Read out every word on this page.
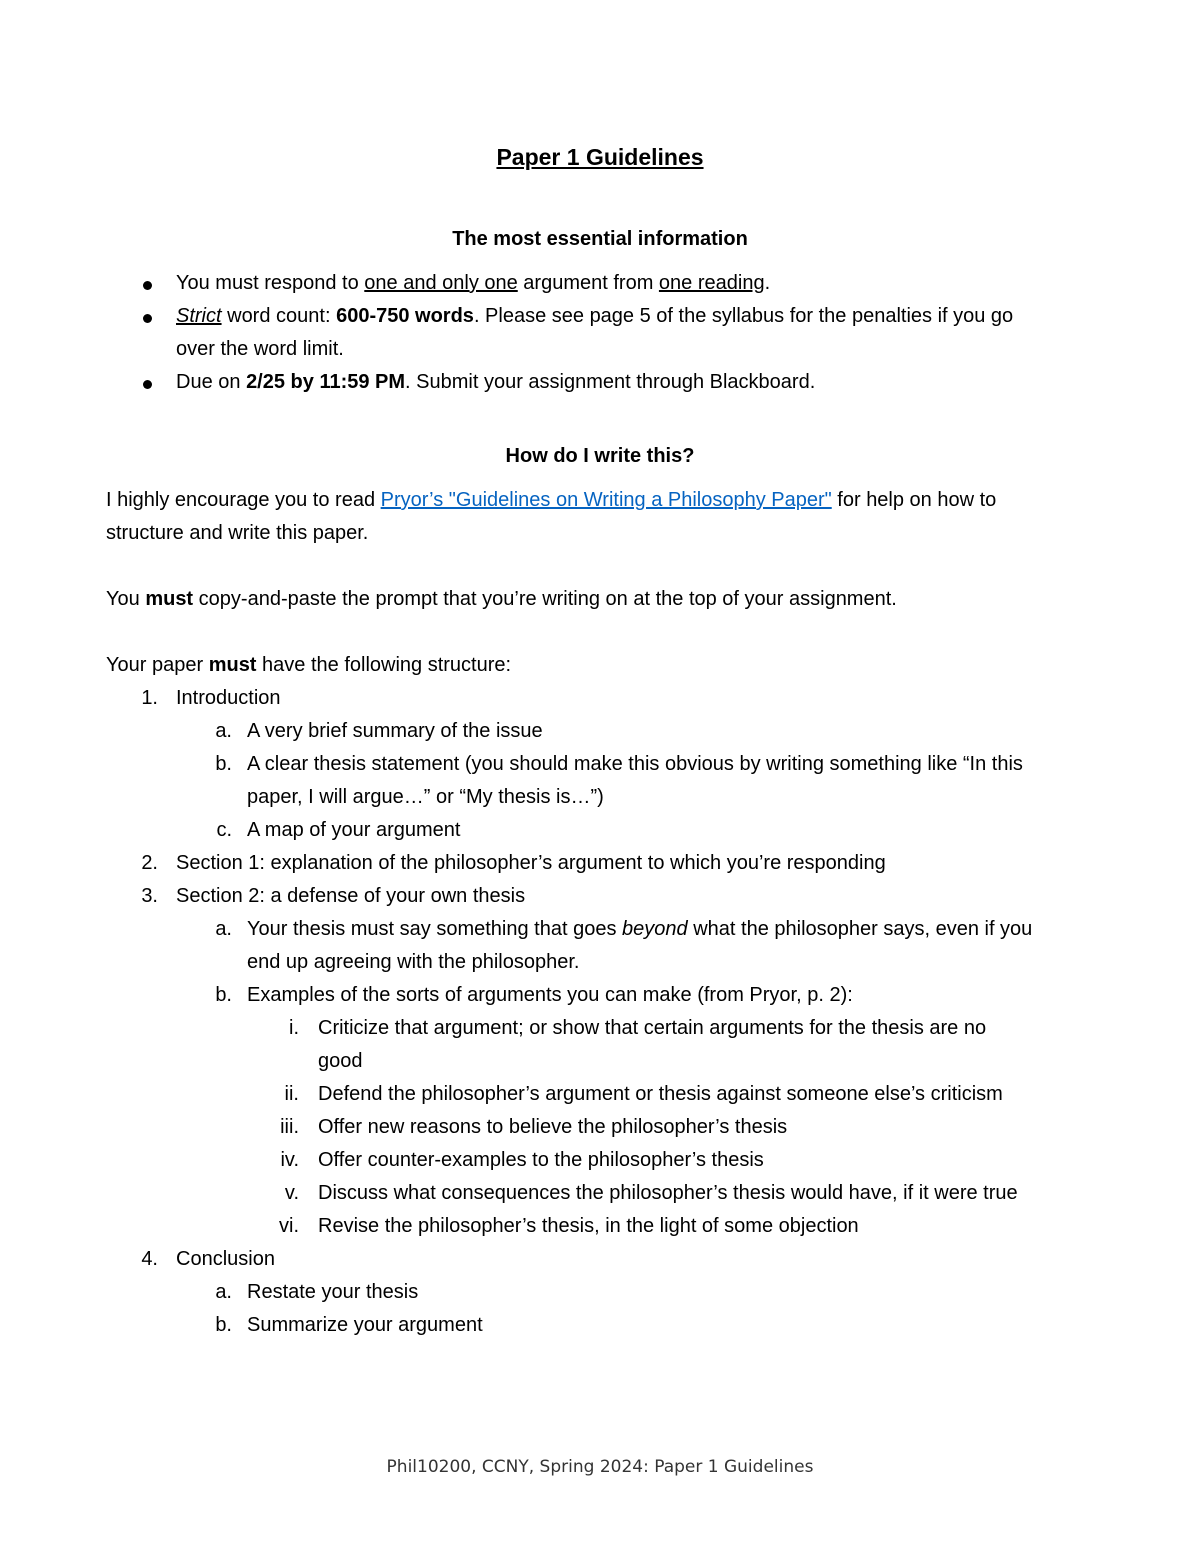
Paper 1 Guidelines
The most essential information
You must respond to one and only one argument from one reading.
Strict word count: 600-750 words. Please see page 5 of the syllabus for the penalties if you go
over the word limit.
Due on 2/25 by 11:59 PM. Submit your assignment through Blackboard.
How do I write this?
I highly encourage you to read Pryor’s "Guidelines on Writing a Philosophy Paper" for help on how to
structure and write this paper.
You must copy-and-paste the prompt that you’re writing on at the top of your assignment.
Your paper must have the following structure:
1. Introduction
a. A very brief summary of the issue
b. A clear thesis statement (you should make this obvious by writing something like “In this
paper, I will argue…” or “My thesis is…”)
c. A map of your argument
2. Section 1: explanation of the philosopher’s argument to which you’re responding
3. Section 2: a defense of your own thesis
a. Your thesis must say something that goes beyond what the philosopher says, even if you
end up agreeing with the philosopher.
b. Examples of the sorts of arguments you can make (from Pryor, p. 2):
i. Criticize that argument; or show that certain arguments for the thesis are no
good
ii. Defend the philosopher’s argument or thesis against someone else’s criticism
iii. Offer new reasons to believe the philosopher’s thesis
iv. Offer counter-examples to the philosopher’s thesis
v. Discuss what consequences the philosopher’s thesis would have, if it were true
vi. Revise the philosopher’s thesis, in the light of some objection
4. Conclusion
a. Restate your thesis
b. Summarize your argument
Phil10200, CCNY, Spring 2024: Paper 1 Guidelines
